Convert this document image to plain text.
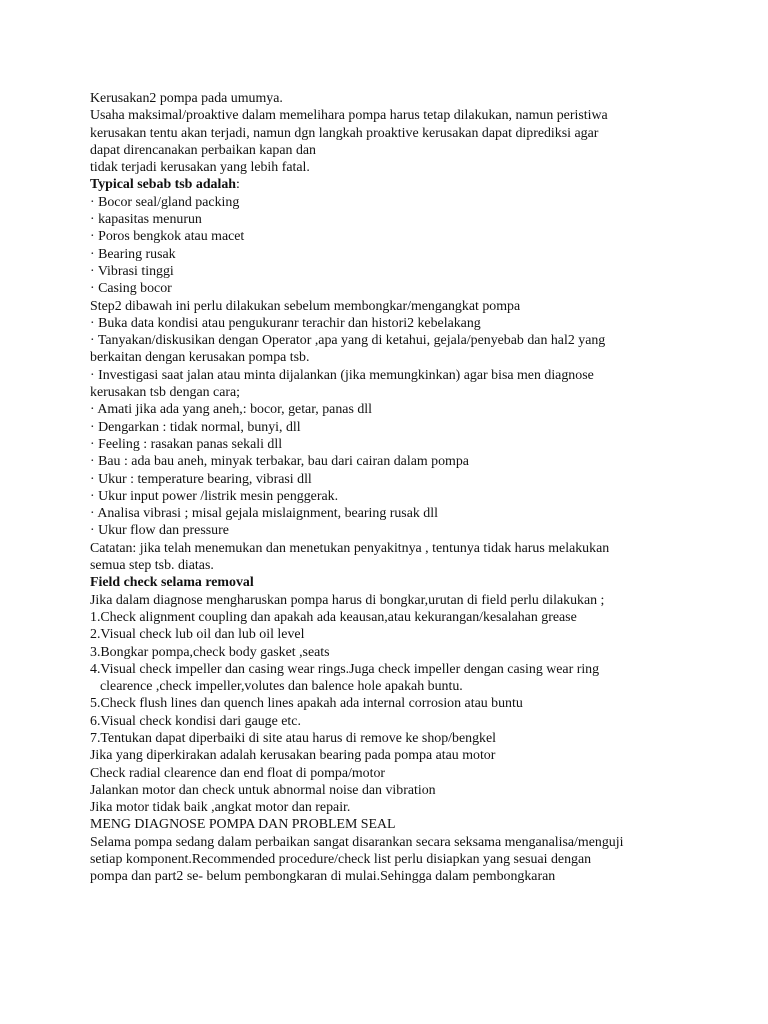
Kerusakan2 pompa pada umumya.
Usaha maksimal/proaktive dalam memelihara pompa harus tetap dilakukan, namun peristiwa
kerusakan tentu akan terjadi, namun dgn langkah proaktive kerusakan dapat diprediksi agar
dapat direncanakan perbaikan kapan dan
tidak terjadi kerusakan yang lebih fatal.
Typical sebab tsb adalah:
· Bocor seal/gland packing
· kapasitas menurun
· Poros bengkok atau macet
· Bearing rusak
· Vibrasi tinggi
· Casing bocor
Step2 dibawah ini perlu dilakukan sebelum membongkar/mengangkat pompa
· Buka data kondisi atau pengukuranr terachir dan histori2 kebelakang
· Tanyakan/diskusikan dengan Operator ,apa yang di ketahui, gejala/penyebab dan hal2 yang
berkaitan dengan kerusakan pompa tsb.
· Investigasi saat jalan atau minta dijalankan (jika memungkinkan) agar bisa men diagnose
kerusakan tsb dengan cara;
· Amati jika ada yang aneh,: bocor, getar, panas dll
· Dengarkan : tidak normal, bunyi, dll
· Feeling : rasakan panas sekali dll
· Bau : ada bau aneh, minyak terbakar, bau dari cairan dalam pompa
· Ukur : temperature bearing, vibrasi dll
· Ukur input power /listrik mesin penggerak.
· Analisa vibrasi ; misal gejala mislaignment, bearing rusak dll
· Ukur flow dan pressure
Catatan: jika telah menemukan dan menetukan penyakitnya , tentunya tidak harus melakukan
semua step tsb. diatas.
Field check selama removal
Jika dalam diagnose mengharuskan pompa harus di bongkar,urutan di field perlu dilakukan ;
1.Check alignment coupling dan apakah ada keausan,atau kekurangan/kesalahan grease
2.Visual check lub oil dan lub oil level
3.Bongkar pompa,check body gasket ,seats
4.Visual check impeller dan casing wear rings.Juga check impeller dengan casing wear ring
clearence ,check impeller,volutes dan balence hole apakah buntu.
5.Check flush lines dan quench lines apakah ada internal corrosion atau buntu
6.Visual check kondisi dari gauge etc.
7.Tentukan dapat diperbaiki di site atau harus di remove ke shop/bengkel
Jika yang diperkirakan adalah kerusakan bearing pada pompa atau motor
Check radial clearence dan end float di pompa/motor
Jalankan motor dan check untuk abnormal noise dan vibration
Jika motor tidak baik ,angkat motor dan repair.
MENG DIAGNOSE POMPA DAN PROBLEM SEAL
Selama pompa sedang dalam perbaikan sangat disarankan secara seksama menganalisa/menguji
setiap komponent.Recommended procedure/check list perlu disiapkan yang sesuai dengan
pompa dan part2 se- belum pembongkaran di mulai.Sehingga dalam pembongkaran
